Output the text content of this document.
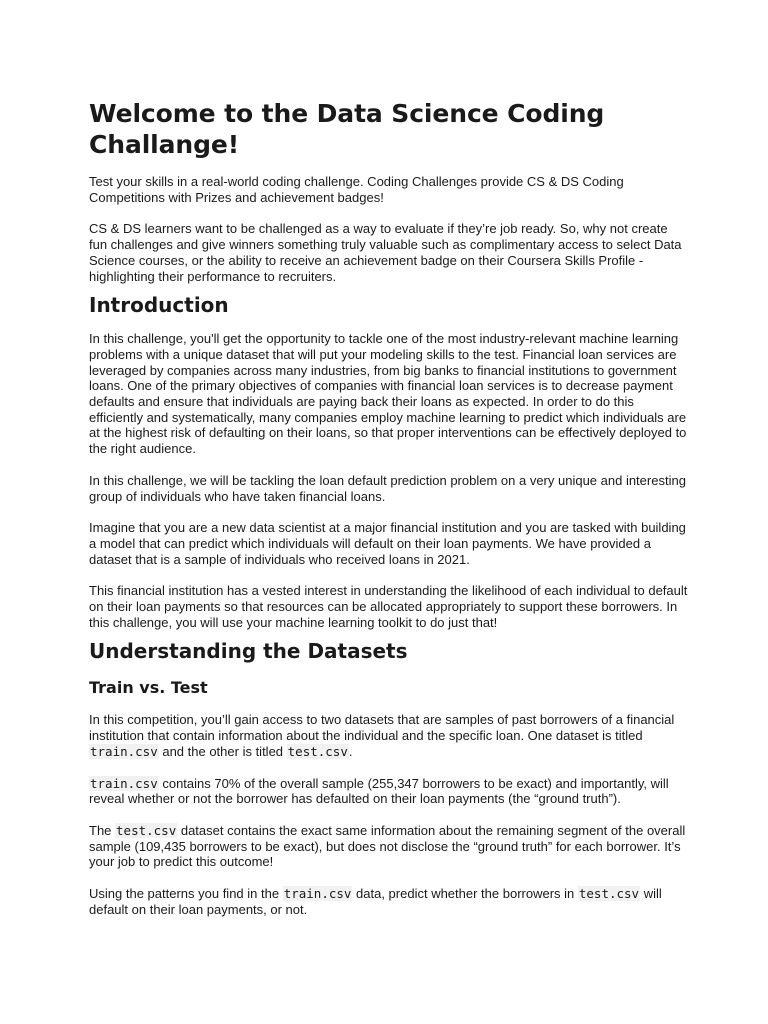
Welcome to the Data Science Coding Challange!

Test your skills in a real-world coding challenge. Coding Challenges provide CS & DS Coding Competitions with Prizes and achievement badges!

CS & DS learners want to be challenged as a way to evaluate if they’re job ready. So, why not create fun challenges and give winners something truly valuable such as complimentary access to select Data Science courses, or the ability to receive an achievement badge on their Coursera Skills Profile - highlighting their performance to recruiters.

Introduction

In this challenge, you'll get the opportunity to tackle one of the most industry-relevant machine learning problems with a unique dataset that will put your modeling skills to the test. Financial loan services are leveraged by companies across many industries, from big banks to financial institutions to government loans. One of the primary objectives of companies with financial loan services is to decrease payment defaults and ensure that individuals are paying back their loans as expected. In order to do this efficiently and systematically, many companies employ machine learning to predict which individuals are at the highest risk of defaulting on their loans, so that proper interventions can be effectively deployed to the right audience.

In this challenge, we will be tackling the loan default prediction problem on a very unique and interesting group of individuals who have taken financial loans.

Imagine that you are a new data scientist at a major financial institution and you are tasked with building a model that can predict which individuals will default on their loan payments. We have provided a dataset that is a sample of individuals who received loans in 2021.

This financial institution has a vested interest in understanding the likelihood of each individual to default on their loan payments so that resources can be allocated appropriately to support these borrowers. In this challenge, you will use your machine learning toolkit to do just that!

Understanding the Datasets
Train vs. Test

In this competition, you’ll gain access to two datasets that are samples of past borrowers of a financial institution that contain information about the individual and the specific loan. One dataset is titled train.csv and the other is titled test.csv.

train.csv contains 70% of the overall sample (255,347 borrowers to be exact) and importantly, will reveal whether or not the borrower has defaulted on their loan payments (the “ground truth”).

The test.csv dataset contains the exact same information about the remaining segment of the overall sample (109,435 borrowers to be exact), but does not disclose the “ground truth” for each borrower. It’s your job to predict this outcome!

Using the patterns you find in the train.csv data, predict whether the borrowers in test.csv will default on their loan payments, or not.
